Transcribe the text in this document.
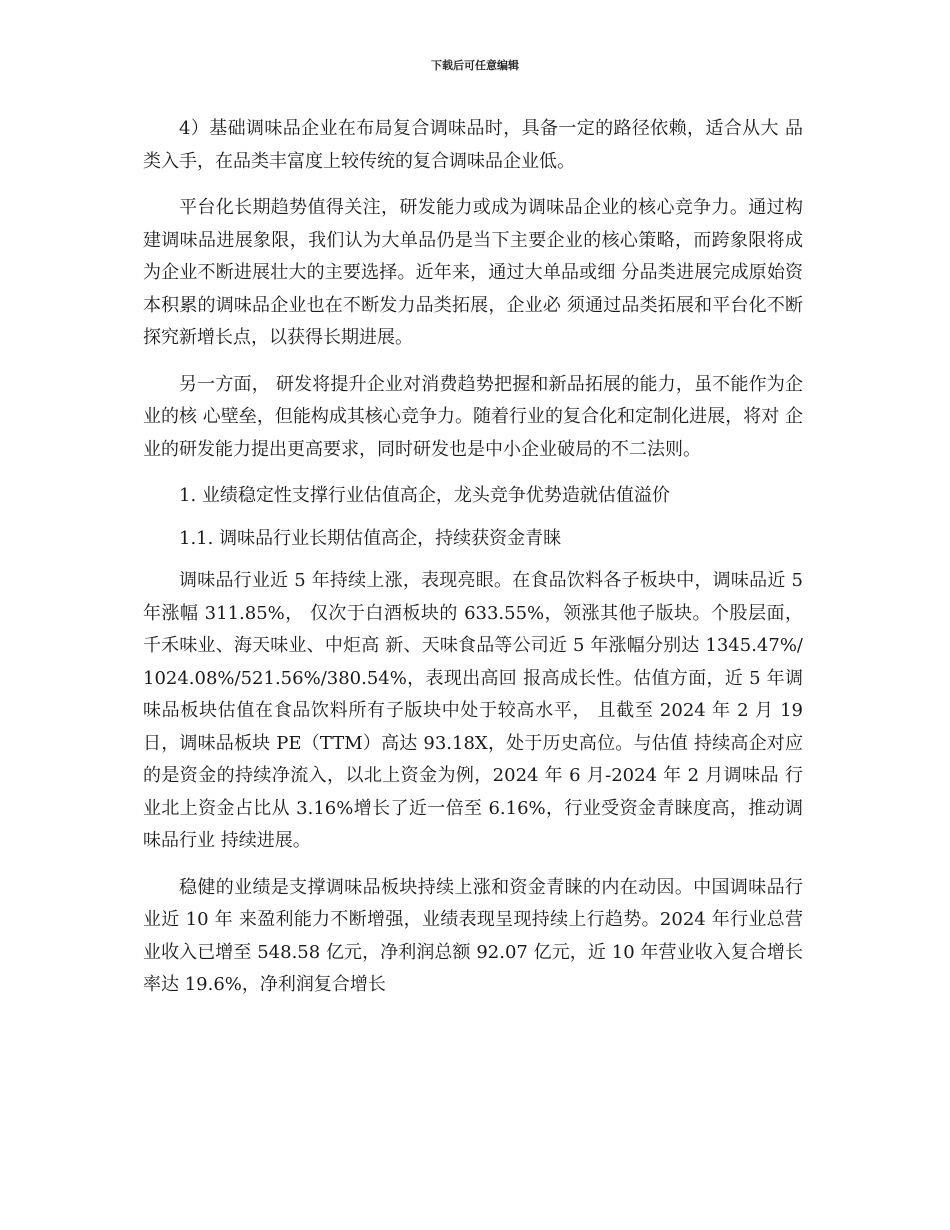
下载后可任意编辑

4）基础调味品企业在布局复合调味品时，具备一定的路径依赖，适合从大 品类入手，在品类丰富度上较传统的复合调味品企业低。

平台化长期趋势值得关注，研发能力或成为调味品企业的核心竞争力。通过构建调味品进展象限，我们认为大单品仍是当下主要企业的核心策略，而跨象限将成为企业不断进展壮大的主要选择。近年来，通过大单品或细 分品类进展完成原始资本积累的调味品企业也在不断发力品类拓展，企业必 须通过品类拓展和平台化不断探究新增长点，以获得长期进展。

另一方面， 研发将提升企业对消费趋势把握和新品拓展的能力，虽不能作为企业的核 心壁垒，但能构成其核心竞争力。随着行业的复合化和定制化进展，将对 企业的研发能力提出更高要求，同时研发也是中小企业破局的不二法则。

1. 业绩稳定性支撑行业估值高企，龙头竞争优势造就估值溢价

1.1. 调味品行业长期估值高企，持续获资金青睐

调味品行业近 5 年持续上涨，表现亮眼。在食品饮料各子板块中，调味品近 5 年涨幅 311.85%， 仅次于白酒板块的 633.55%，领涨其他子版块。个股层面，千禾味业、海天味业、中炬高 新、天味食品等公司近 5 年涨幅分别达 1345.47%/1024.08%/521.56%/380.54%，表现出高回 报高成长性。估值方面，近 5 年调味品板块估值在食品饮料所有子版块中处于较高水平， 且截至 2024 年 2 月 19 日，调味品板块 PE（TTM）高达 93.18X，处于历史高位。与估值 持续高企对应的是资金的持续净流入，以北上资金为例，2024 年 6 月-2024 年 2 月调味品 行业北上资金占比从 3.16%增长了近一倍至 6.16%，行业受资金青睐度高，推动调味品行业 持续进展。

稳健的业绩是支撑调味品板块持续上涨和资金青睐的内在动因。中国调味品行业近 10 年 来盈利能力不断增强，业绩表现呈现持续上行趋势。2024 年行业总营业收入已增至 548.58 亿元，净利润总额 92.07 亿元，近 10 年营业收入复合增长率达 19.6%，净利润复合增长
